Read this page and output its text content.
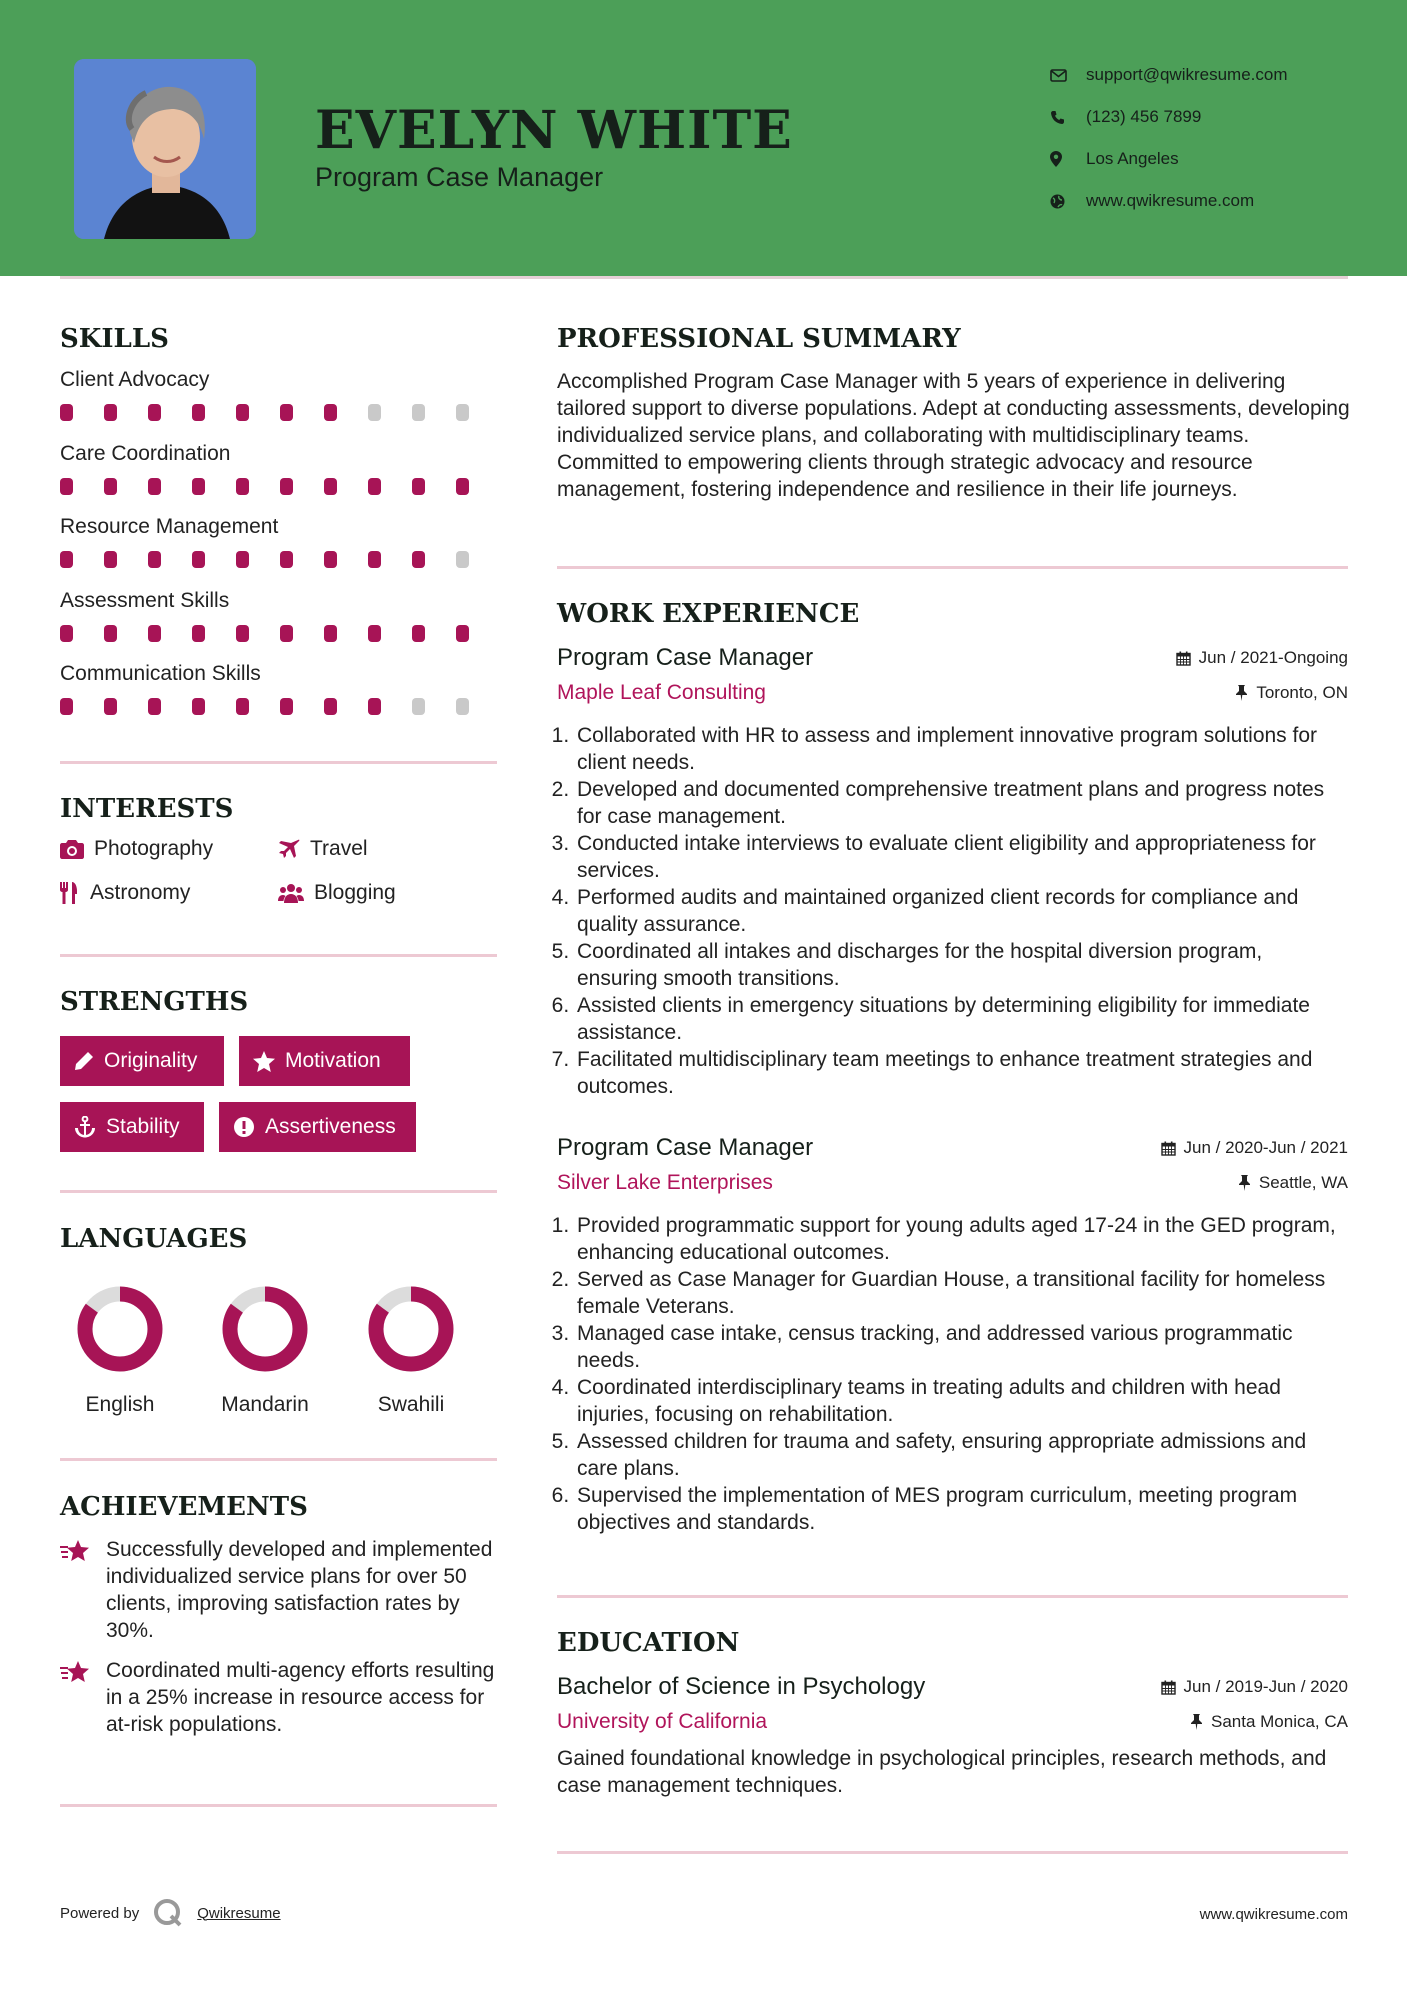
EVELYN WHITE
Program Case Manager
support@qwikresume.com
(123) 456 7899
Los Angeles
www.qwikresume.com
SKILLS
Client Advocacy
Care Coordination
Resource Management
Assessment Skills
Communication Skills
INTERESTS
Photography	Travel
Astronomy	Blogging
STRENGTHS
Originality	Motivation
Stability	Assertiveness
LANGUAGES
English	Mandarin	Swahili
ACHIEVEMENTS
Successfully developed and implemented individualized service plans for over 50 clients, improving satisfaction rates by 30%.
Coordinated multi-agency efforts resulting in a 25% increase in resource access for at-risk populations.
PROFESSIONAL SUMMARY
Accomplished Program Case Manager with 5 years of experience in delivering tailored support to diverse populations. Adept at conducting assessments, developing individualized service plans, and collaborating with multidisciplinary teams. Committed to empowering clients through strategic advocacy and resource management, fostering independence and resilience in their life journeys.
WORK EXPERIENCE
Program Case Manager	Jun / 2021-Ongoing
Maple Leaf Consulting	Toronto, ON
1. Collaborated with HR to assess and implement innovative program solutions for client needs.
2. Developed and documented comprehensive treatment plans and progress notes for case management.
3. Conducted intake interviews to evaluate client eligibility and appropriateness for services.
4. Performed audits and maintained organized client records for compliance and quality assurance.
5. Coordinated all intakes and discharges for the hospital diversion program, ensuring smooth transitions.
6. Assisted clients in emergency situations by determining eligibility for immediate assistance.
7. Facilitated multidisciplinary team meetings to enhance treatment strategies and outcomes.
Program Case Manager	Jun / 2020-Jun / 2021
Silver Lake Enterprises	Seattle, WA
1. Provided programmatic support for young adults aged 17-24 in the GED program, enhancing educational outcomes.
2. Served as Case Manager for Guardian House, a transitional facility for homeless female Veterans.
3. Managed case intake, census tracking, and addressed various programmatic needs.
4. Coordinated interdisciplinary teams in treating adults and children with head injuries, focusing on rehabilitation.
5. Assessed children for trauma and safety, ensuring appropriate admissions and care plans.
6. Supervised the implementation of MES program curriculum, meeting program objectives and standards.
EDUCATION
Bachelor of Science in Psychology	Jun / 2019-Jun / 2020
University of California	Santa Monica, CA
Gained foundational knowledge in psychological principles, research methods, and case management techniques.
Powered by	Qwikresume	www.qwikresume.com
